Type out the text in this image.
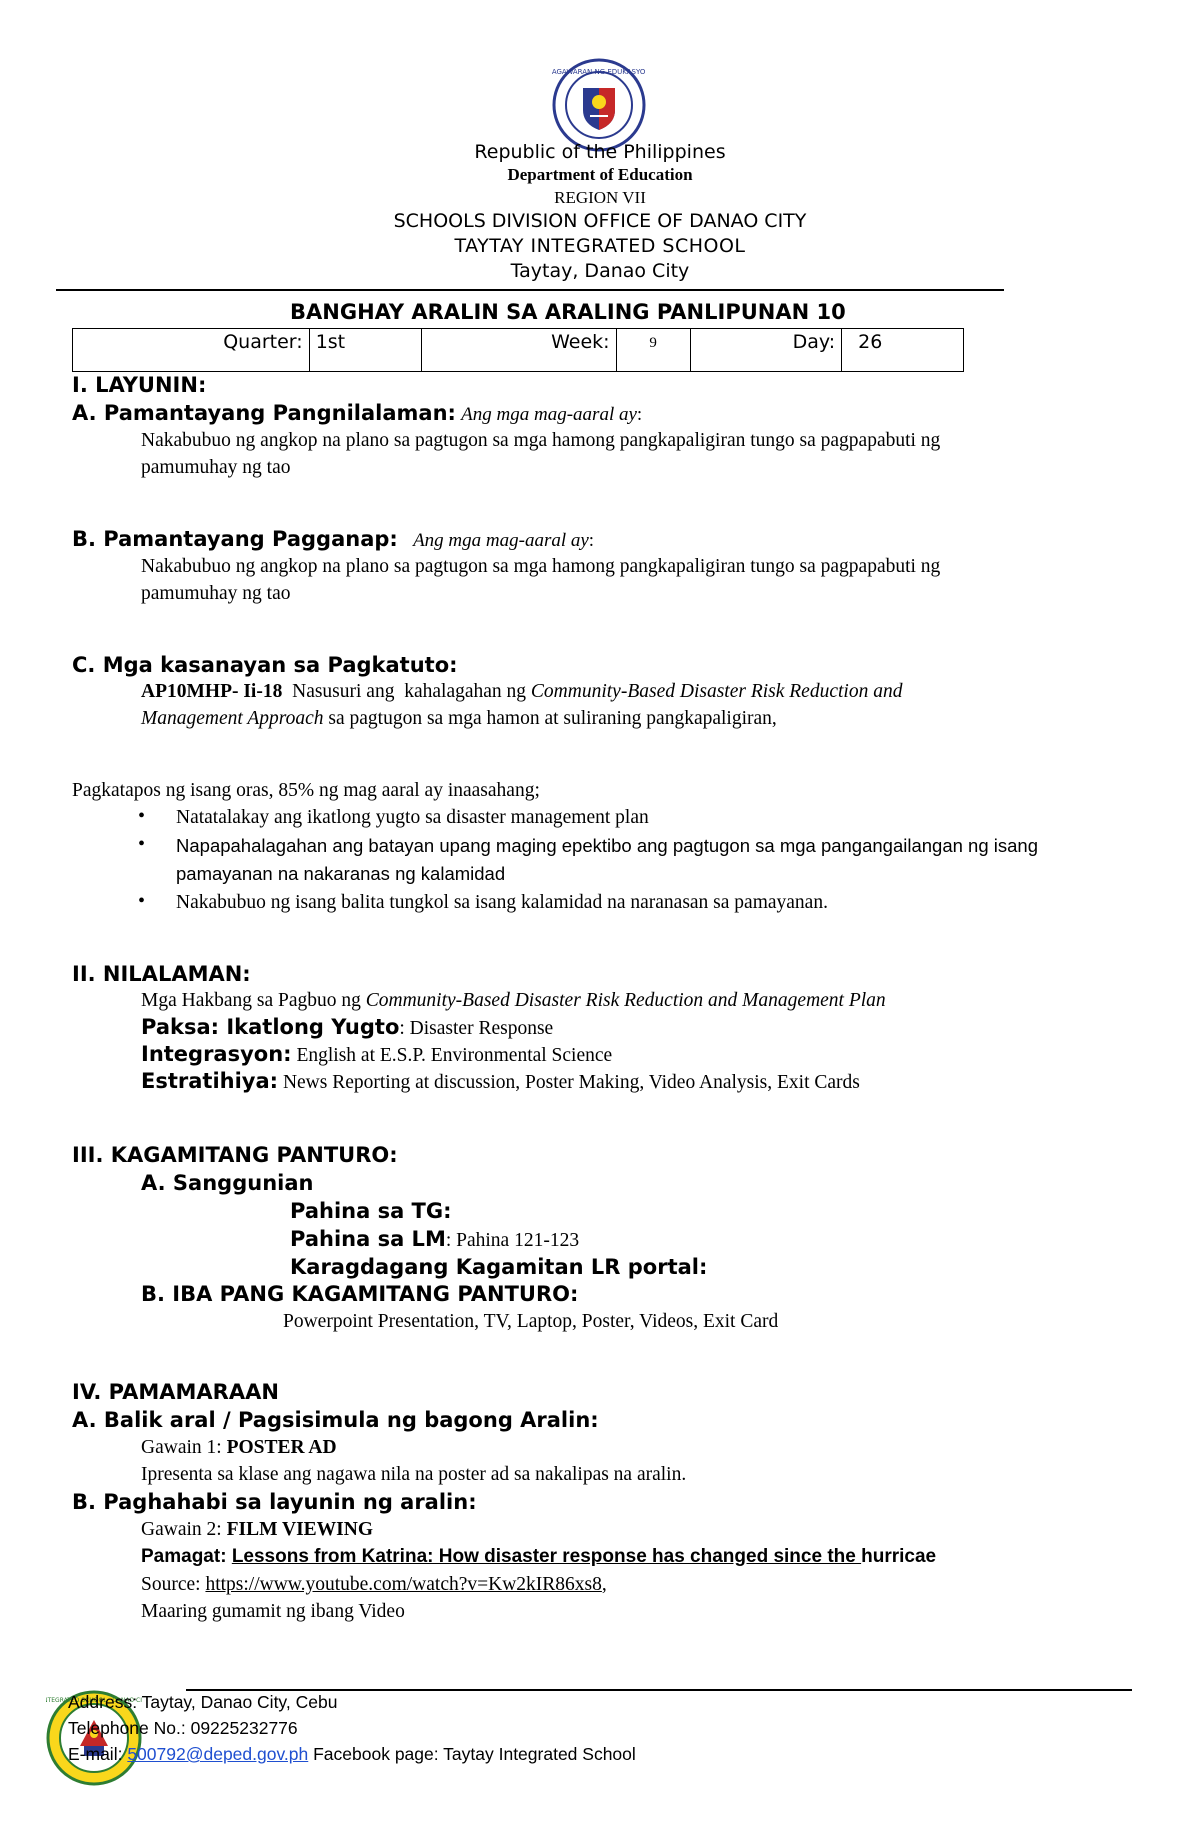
KAGAWARAN NG EDUKASYON
Republic of the Philippines
Department of Education
REGION VII
SCHOOLS DIVISION OFFICE OF DANAO CITY
TAYTAY INTEGRATED SCHOOL
Taytay, Danao City
BANGHAY ARALIN SA ARALING PANLIPUNAN 10
Quarter:	1st	Week:	9	Day:	26
I. LAYUNIN:
A. Pamantayang Pangnilalaman: Ang mga mag-aaral ay:
Nakabubuo ng angkop na plano sa pagtugon sa mga hamong pangkapaligiran tungo sa pagpapabuti ng
pamumuhay ng tao
B. Pamantayang Pagganap: Ang mga mag-aaral ay:
Nakabubuo ng angkop na plano sa pagtugon sa mga hamong pangkapaligiran tungo sa pagpapabuti ng
pamumuhay ng tao
C. Mga kasanayan sa Pagkatuto:
AP10MHP- Ii-18  Nasusuri ang  kahalagahan ng Community-Based Disaster Risk Reduction and
Management Approach sa pagtugon sa mga hamon at suliraning pangkapaligiran,
Pagkatapos ng isang oras, 85% ng mag aaral ay inaasahang;
• Natatalakay ang ikatlong yugto sa disaster management plan
• Napapahalagahan ang batayan upang maging epektibo ang pagtugon sa mga pangangailangan ng isang
pamayanan na nakaranas ng kalamidad
• Nakabubuo ng isang balita tungkol sa isang kalamidad na naranasan sa pamayanan.
II. NILALAMAN:
Mga Hakbang sa Pagbuo ng Community-Based Disaster Risk Reduction and Management Plan
Paksa: Ikatlong Yugto: Disaster Response
Integrasyon: English at E.S.P. Environmental Science
Estratihiya: News Reporting at discussion, Poster Making, Video Analysis, Exit Cards
III. KAGAMITANG PANTURO:
A. Sanggunian
Pahina sa TG:
Pahina sa LM: Pahina 121-123
Karagdagang Kagamitan LR portal:
B. IBA PANG KAGAMITANG PANTURO:
Powerpoint Presentation, TV, Laptop, Poster, Videos, Exit Card
IV. PAMAMARAAN
A. Balik aral / Pagsisimula ng bagong Aralin:
Gawain 1: POSTER AD
Ipresenta sa klase ang nagawa nila na poster ad sa nakalipas na aralin.
B. Paghahabi sa layunin ng aralin:
Gawain 2: FILM VIEWING
Pamagat: Lessons from Katrina: How disaster response has changed since the hurricae
Source: https://www.youtube.com/watch?v=Kw2kIR86xs8,
Maaring gumamit ng ibang Video
TEGRATED SCHOOL · DANAO CI
Address: Taytay, Danao City, Cebu
Telephone No.: 09225232776
E-mail: 500792@deped.gov.ph Facebook page: Taytay Integrated School
